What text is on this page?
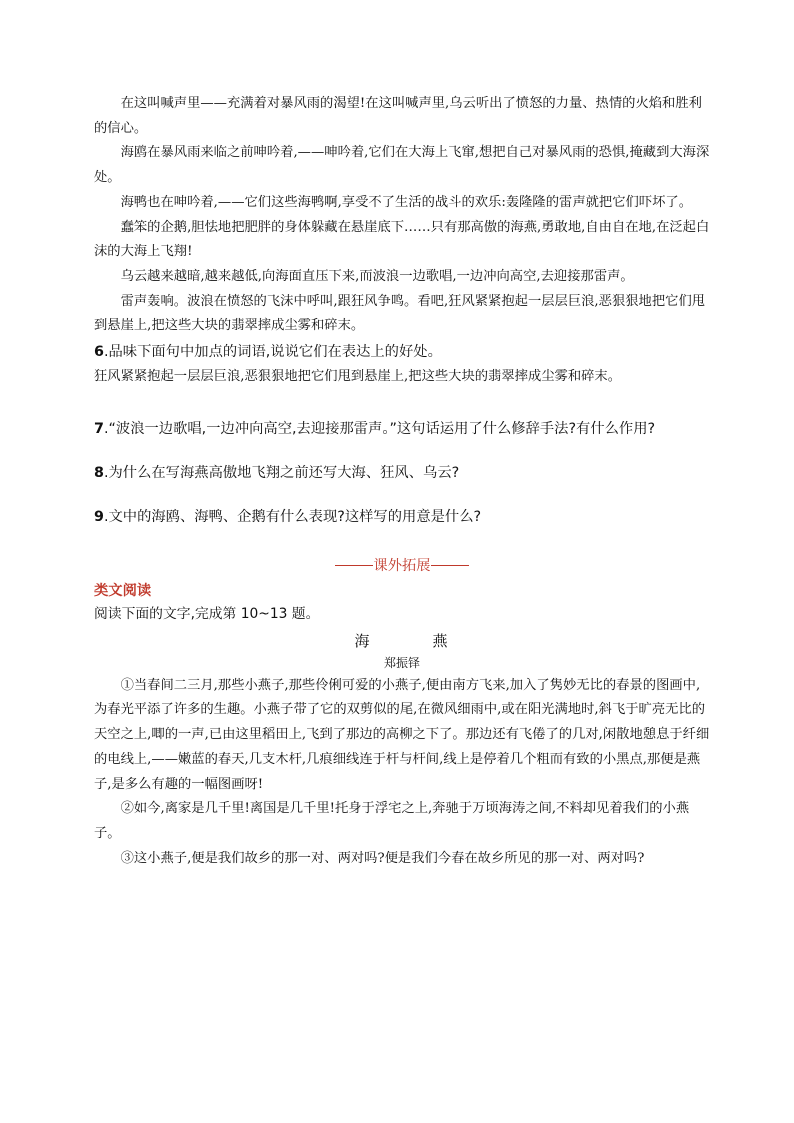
在这叫喊声里——充满着对暴风雨的渴望!在这叫喊声里,乌云听出了愤怒的力量、热情的火焰和胜利的信心。

海鸥在暴风雨来临之前呻吟着,——呻吟着,它们在大海上飞窜,想把自己对暴风雨的恐惧,掩藏到大海深处。

海鸭也在呻吟着,——它们这些海鸭啊,享受不了生活的战斗的欢乐:轰隆隆的雷声就把它们吓坏了。

蠢笨的企鹅,胆怯地把肥胖的身体躲藏在悬崖底下……只有那高傲的海燕,勇敢地,自由自在地,在泛起白沫的大海上飞翔!

乌云越来越暗,越来越低,向海面直压下来,而波浪一边歌唱,一边冲向高空,去迎接那雷声。

雷声轰响。波浪在愤怒的飞沫中呼叫,跟狂风争鸣。看吧,狂风紧紧抱起一层层巨浪,恶狠狠地把它们甩到悬崖上,把这些大块的翡翠摔成尘雾和碎末。

6.品味下面句中加点的词语,说说它们在表达上的好处。

狂风紧紧抱起一层层巨浪,恶狠狠地把它们甩到悬崖上,把这些大块的翡翠摔成尘雾和碎末。

7.“波浪一边歌唱,一边冲向高空,去迎接那雷声。”这句话运用了什么修辞手法?有什么作用?

8.为什么在写海燕高傲地飞翔之前还写大海、狂风、乌云?

9.文中的海鸥、海鸭、企鹅有什么表现?这样写的用意是什么?

课外拓展

类文阅读

阅读下面的文字,完成第 10~13 题。

海　燕

郑振铎

①当春间二三月,那些小燕子,那些伶俐可爱的小燕子,便由南方飞来,加入了隽妙无比的春景的图画中,为春光平添了许多的生趣。小燕子带了它的双剪似的尾,在微风细雨中,或在阳光满地时,斜飞于旷亮无比的天空之上,唧的一声,已由这里稻田上,飞到了那边的高柳之下了。那边还有飞倦了的几对,闲散地憩息于纤细的电线上,——嫩蓝的春天,几支木杆,几痕细线连于杆与杆间,线上是停着几个粗而有致的小黑点,那便是燕子,是多么有趣的一幅图画呀!

②如今,离家是几千里!离国是几千里!托身于浮宅之上,奔驰于万顷海涛之间,不料却见着我们的小燕子。

③这小燕子,便是我们故乡的那一对、两对吗?便是我们今春在故乡所见的那一对、两对吗?
